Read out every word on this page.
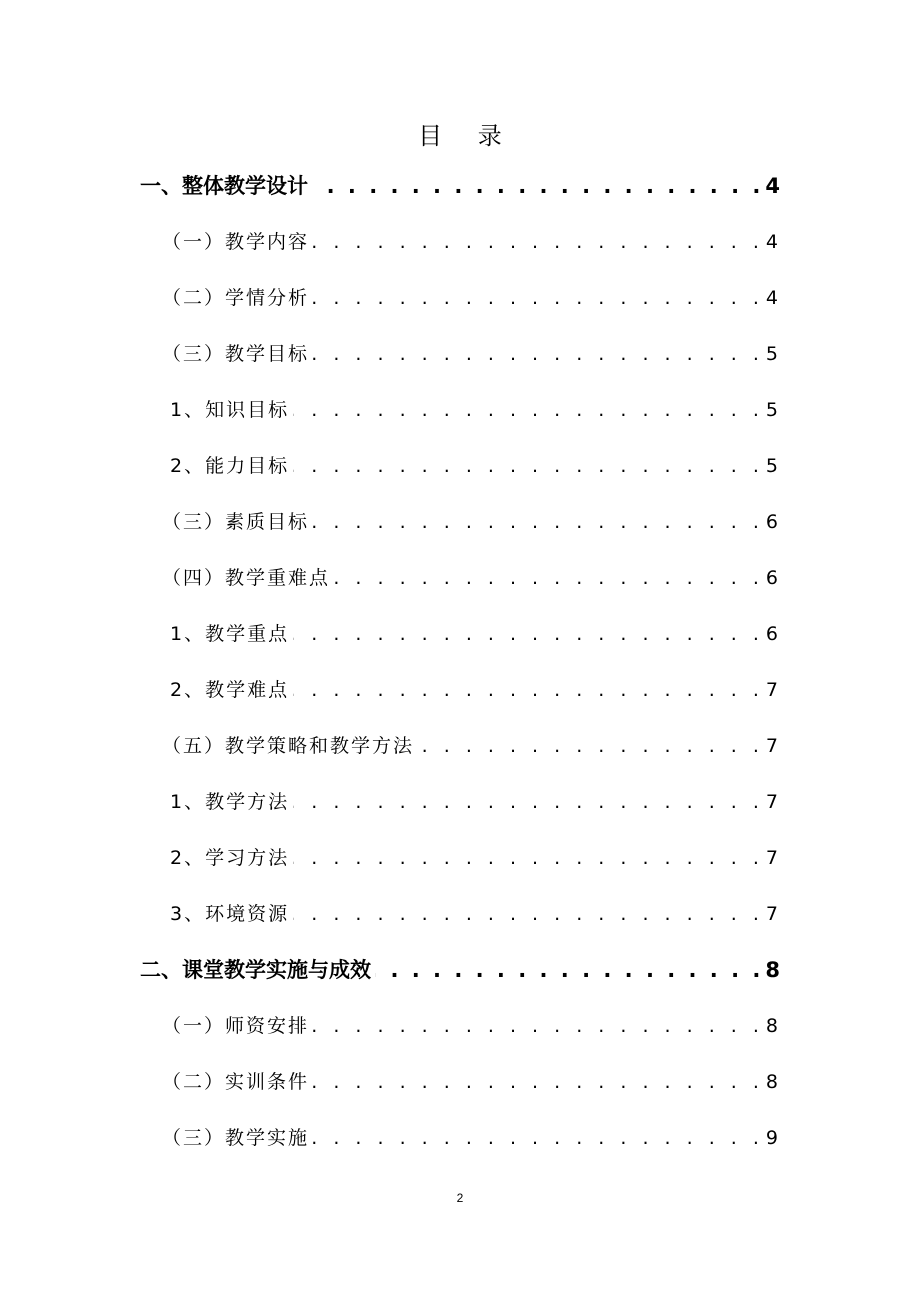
目 录
一、整体教学设计 . . .	4
（一）教学内容 . . .	4
（二）学情分析 . . .	4
（三）教学目标 . . .	5
1、知识目标 . . .	5
2、能力目标 . . .	5
（三）素质目标 . . .	6
（四）教学重难点 . . .	6
1、教学重点 . . .	6
2、教学难点 . . .	7
（五）教学策略和教学方法 . . .	7
1、教学方法 . . .	7
2、学习方法 . . .	7
3、环境资源 . . .	7
二、课堂教学实施与成效 . . .	8
（一）师资安排 . . .	8
（二）实训条件 . . .	8
（三）教学实施 . . .	9
2
